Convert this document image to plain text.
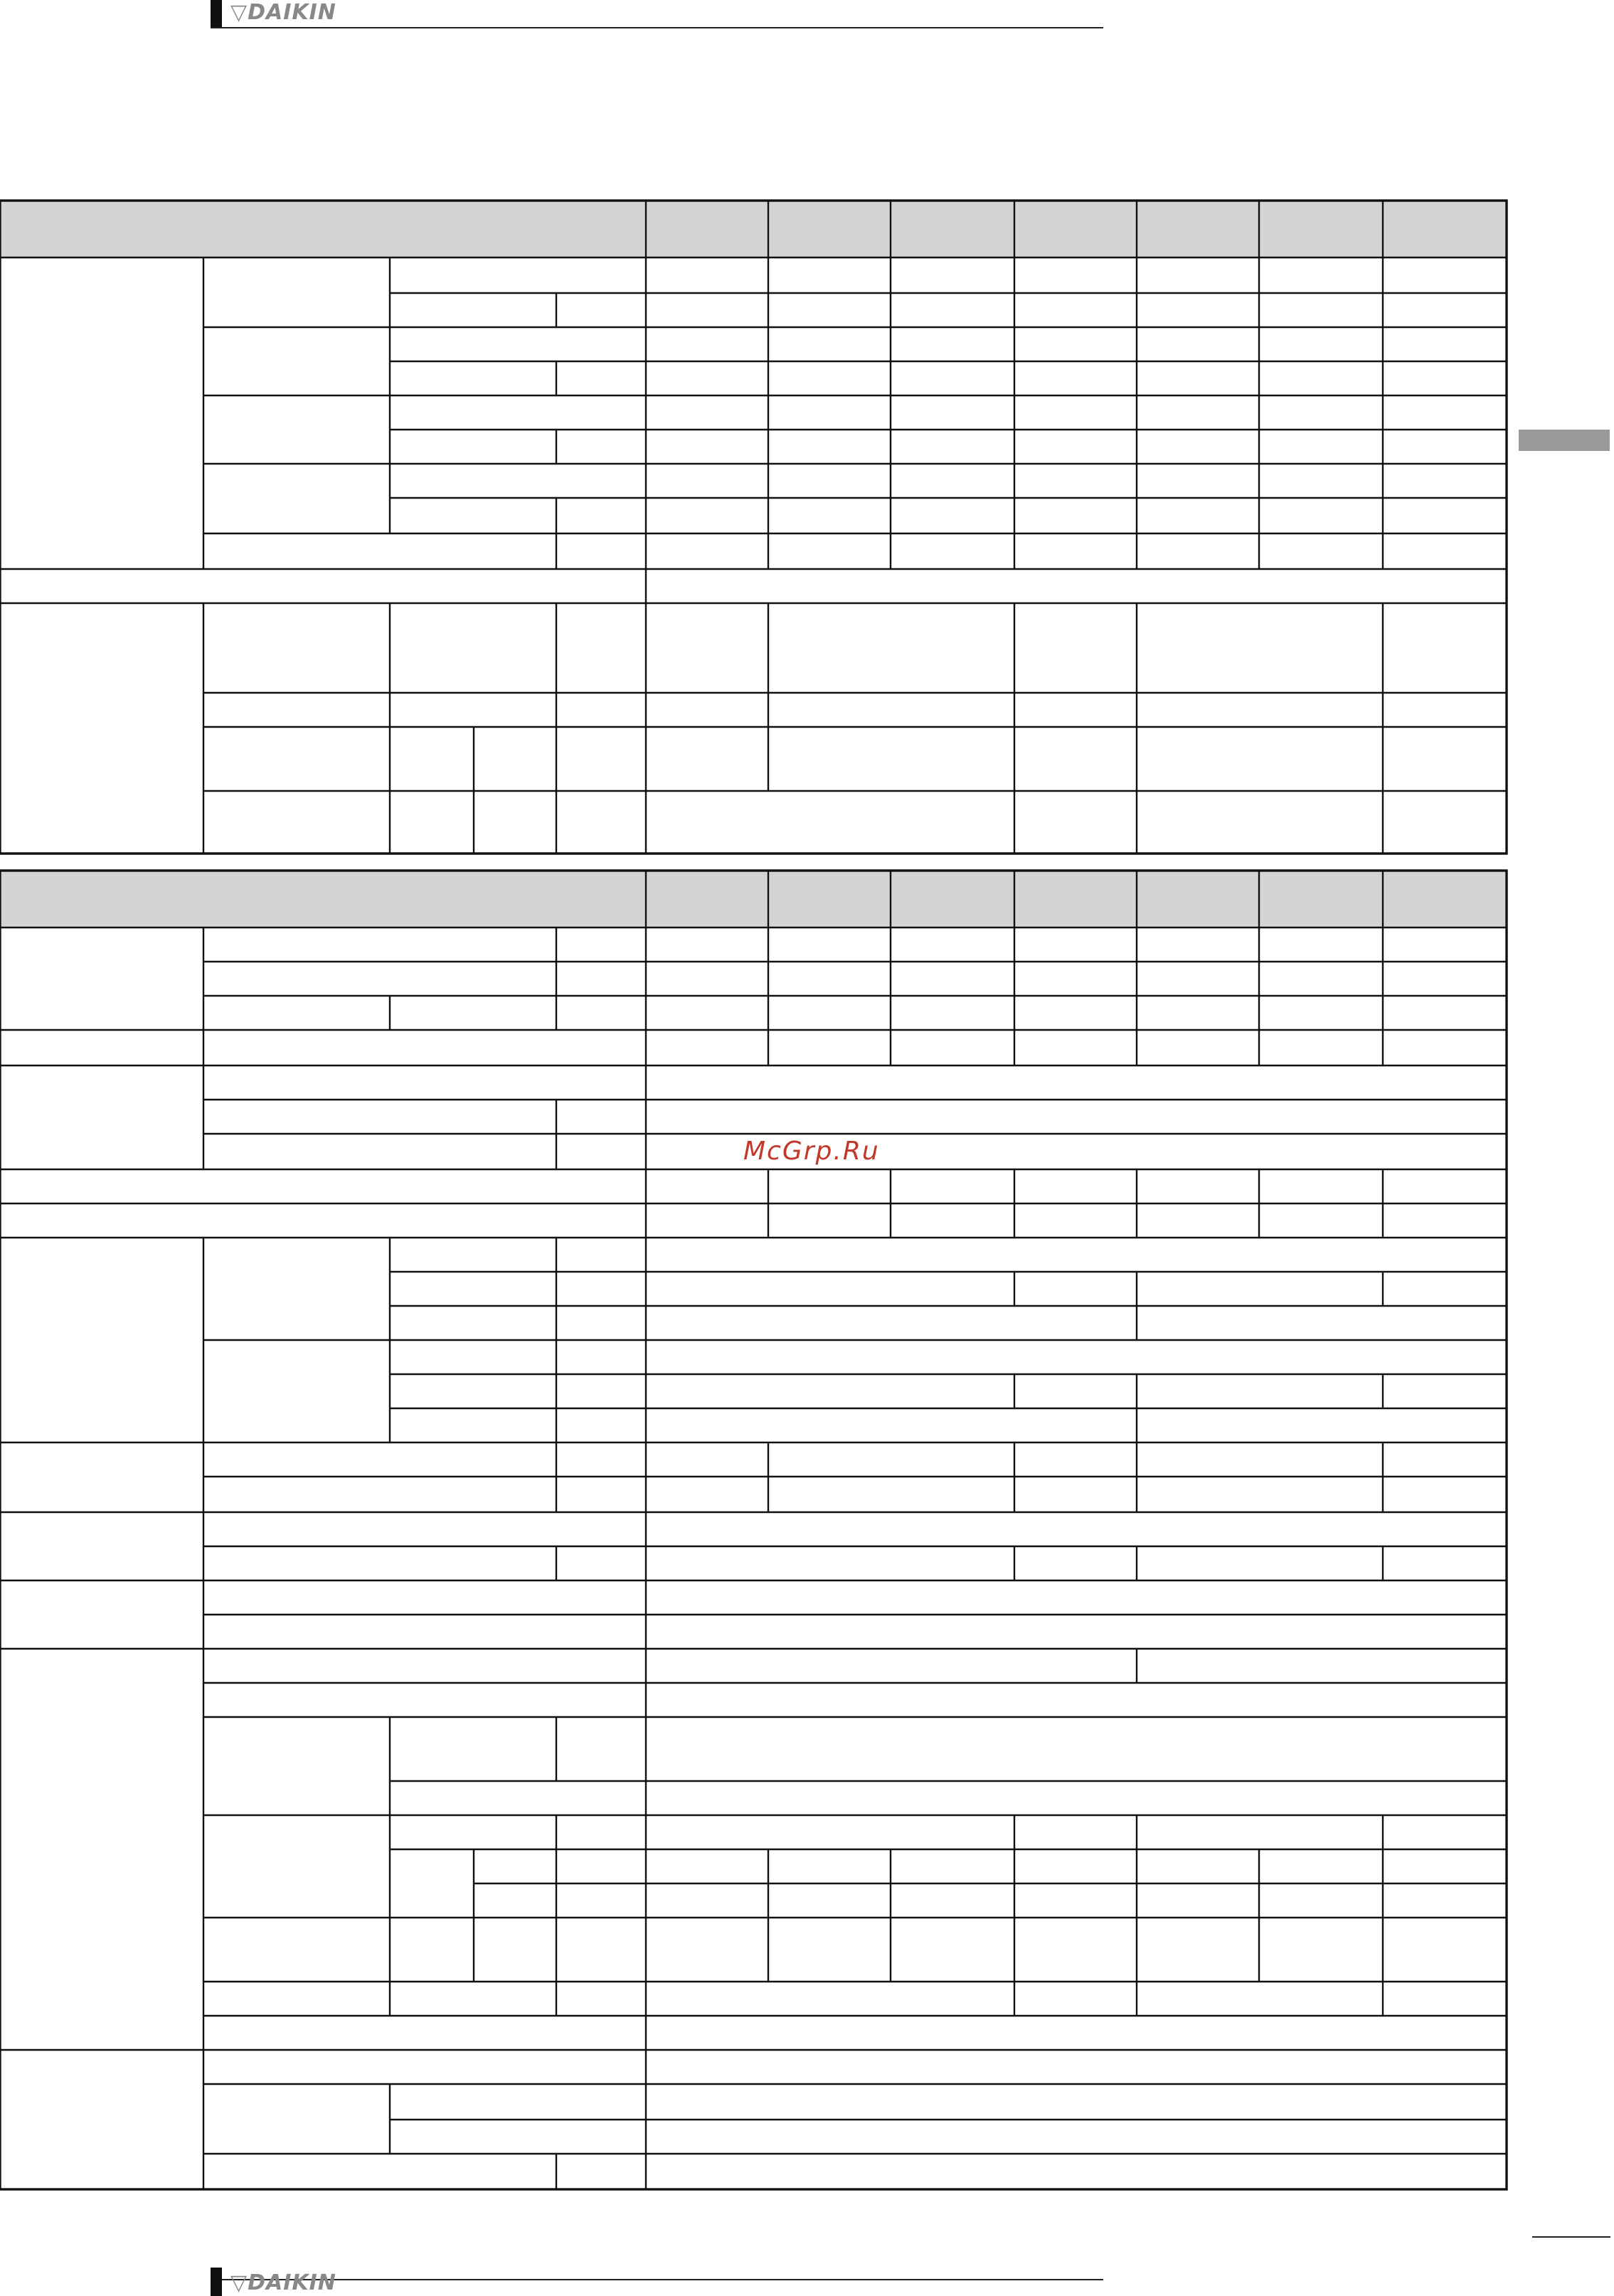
▽DAIKIN
McGrp.Ru
▽DAIKIN
